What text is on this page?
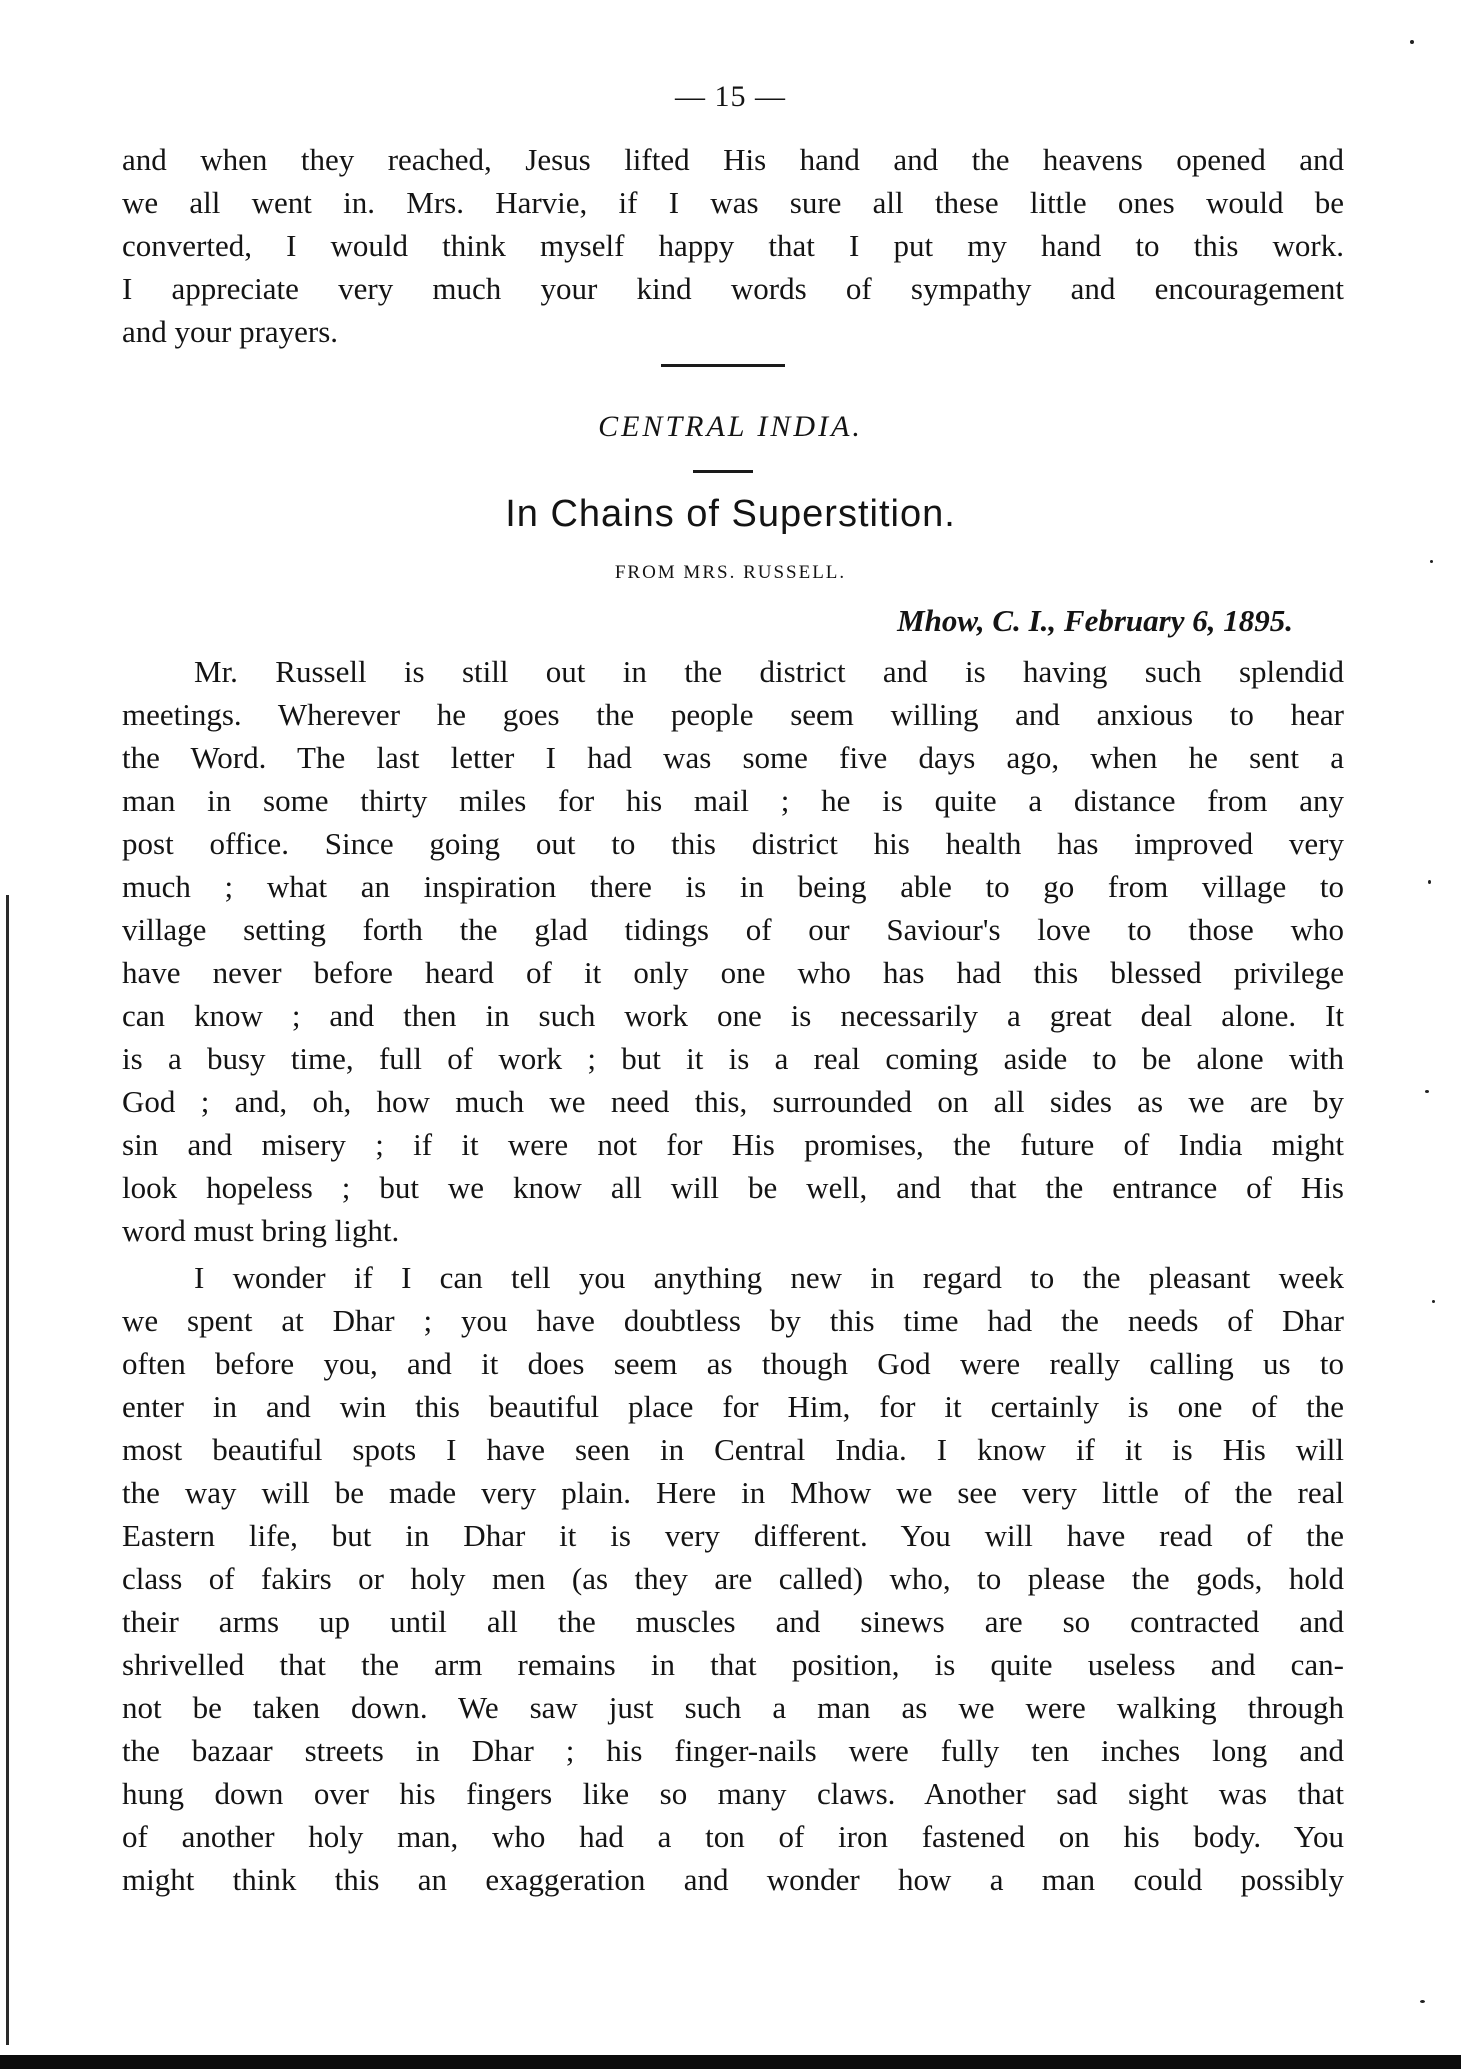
— 15 —

and when they reached, Jesus lifted His hand and the heavens opened and
we all went in. Mrs. Harvie, if I was sure all these little ones would be
converted, I would think myself happy that I put my hand to this work.
I appreciate very much your kind words of sympathy and encouragement
and your prayers.

CENTRAL INDIA.
In Chains of Superstition.
FROM MRS. RUSSELL.
Mhow, C. I., February 6, 1895.

Mr. Russell is still out in the district and is having such splendid
meetings. Wherever he goes the people seem willing and anxious to hear
the Word. The last letter I had was some five days ago, when he sent a
man in some thirty miles for his mail ; he is quite a distance from any
post office. Since going out to this district his health has improved very
much ; what an inspiration there is in being able to go from village to
village setting forth the glad tidings of our Saviour's love to those who
have never before heard of it only one who has had this blessed privilege
can know ; and then in such work one is necessarily a great deal alone. It
is a busy time, full of work ; but it is a real coming aside to be alone with
God ; and, oh, how much we need this, surrounded on all sides as we are by
sin and misery ; if it were not for His promises, the future of India might
look hopeless ; but we know all will be well, and that the entrance of His
word must bring light.

I wonder if I can tell you anything new in regard to the pleasant week
we spent at Dhar ; you have doubtless by this time had the needs of Dhar
often before you, and it does seem as though God were really calling us to
enter in and win this beautiful place for Him, for it certainly is one of the
most beautiful spots I have seen in Central India. I know if it is His will
the way will be made very plain. Here in Mhow we see very little of the real
Eastern life, but in Dhar it is very different. You will have read of the
class of fakirs or holy men (as they are called) who, to please the gods, hold
their arms up until all the muscles and sinews are so contracted and
shrivelled that the arm remains in that position, is quite useless and can-
not be taken down. We saw just such a man as we were walking through
the bazaar streets in Dhar ; his finger-nails were fully ten inches long and
hung down over his fingers like so many claws. Another sad sight was that
of another holy man, who had a ton of iron fastened on his body. You
might think this an exaggeration and wonder how a man could possibly
